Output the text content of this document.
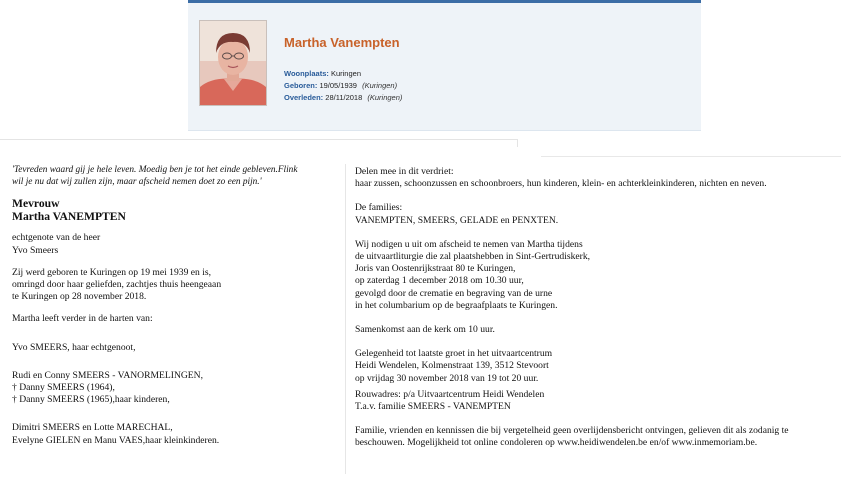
Martha Vanempten
Woonplaats: Kuringen
Geboren: 19/05/1939 (Kuringen)
Overleden: 28/11/2018 (Kuringen)

'Tevreden waard gij je hele leven. Moedig ben je tot het einde gebleven.Flink

wil je nu dat wij zullen zijn, maar afscheid nemen doet zo een pijn.'

Mevrouw

Martha VANEMPTEN

echtgenote van de heer

Yvo Smeers

Zij werd geboren te Kuringen op 19 mei 1939 en is,

omringd door haar geliefden, zachtjes thuis heengeaan

te Kuringen op 28 november 2018.

Martha leeft verder in de harten van:

Yvo SMEERS, haar echtgenoot,

Rudi en Conny SMEERS - VANORMELINGEN,

† Danny SMEERS (1964),

† Danny SMEERS (1965),haar kinderen,

Dimitri SMEERS en Lotte MARECHAL,

Evelyne GIELEN en Manu VAES,haar kleinkinderen.

Delen mee in dit verdriet:

haar zussen, schoonzussen en schoonbroers, hun kinderen, klein- en achterkleinkinderen, nichten en neven.

De families:

VANEMPTEN, SMEERS, GELADE en PENXTEN.

Wij nodigen u uit om afscheid te nemen van Martha tijdens

de uitvaartliturgie die zal plaatshebben in Sint-Gertrudiskerk,

Joris van Oostenrijkstraat 80 te Kuringen,

op zaterdag 1 december 2018 om 10.30 uur,

gevolgd door de crematie en begraving van de urne

in het columbarium op de begraafplaats te Kuringen.

Samenkomst aan de kerk om 10 uur.

Gelegenheid tot laatste groet in het uitvaartcentrum

Heidi Wendelen, Kolmenstraat 139, 3512 Stevoort

op vrijdag 30 november 2018 van 19 tot 20 uur.

Rouwadres: p/a Uitvaartcentrum Heidi Wendelen

T.a.v. familie SMEERS - VANEMPTEN

Familie, vrienden en kennissen die bij vergetelheid geen overlijdensbericht ontvingen, gelieven dit als zodanig te

beschouwen. Mogelijkheid tot online condoleren op www.heidiwendelen.be en/of www.inmemoriam.be.
